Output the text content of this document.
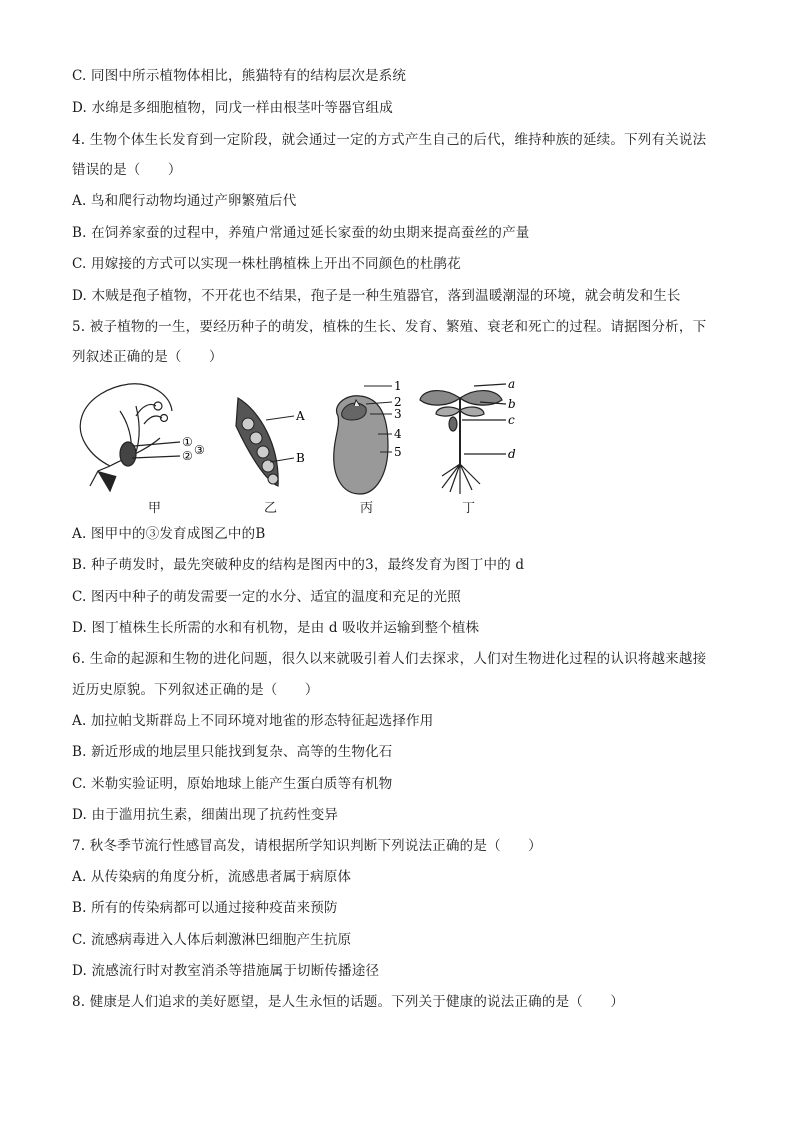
C. 同图中所示植物体相比，熊猫特有的结构层次是系统
D. 水绵是多细胞植物，同戊一样由根茎叶等器官组成
4. 生物个体生长发育到一定阶段，就会通过一定的方式产生自己的后代，维持种族的延续。下列有关说法
错误的是（　　）
A. 鸟和爬行动物均通过产卵繁殖后代
B. 在饲养家蚕的过程中，养殖户常通过延长家蚕的幼虫期来提高蚕丝的产量
C. 用嫁接的方式可以实现一株杜鹃植株上开出不同颜色的杜鹃花
D. 木贼是孢子植物，不开花也不结果，孢子是一种生殖器官，落到温暖潮湿的环境，就会萌发和生长
5. 被子植物的一生，要经历种子的萌发，植株的生长、发育、繁殖、衰老和死亡的过程。请据图分析，下
列叙述正确的是（　　）
①
② ③
A
B
1
2
3
4
5
a
b
c
d
甲	乙	丙	丁
A. 图甲中的③发育成图乙中的B
B. 种子萌发时，最先突破种皮的结构是图丙中的3，最终发育为图丁中的 d
C. 图丙中种子的萌发需要一定的水分、适宜的温度和充足的光照
D. 图丁植株生长所需的水和有机物，是由 d 吸收并运输到整个植株
6. 生命的起源和生物的进化问题，很久以来就吸引着人们去探求，人们对生物进化过程的认识将越来越接
近历史原貌。下列叙述正确的是（　　）
A. 加拉帕戈斯群岛上不同环境对地雀的形态特征起选择作用
B. 新近形成的地层里只能找到复杂、高等的生物化石
C. 米勒实验证明，原始地球上能产生蛋白质等有机物
D. 由于滥用抗生素，细菌出现了抗药性变异
7. 秋冬季节流行性感冒高发，请根据所学知识判断下列说法正确的是（　　）
A. 从传染病的角度分析，流感患者属于病原体
B. 所有的传染病都可以通过接种疫苗来预防
C. 流感病毒进入人体后刺激淋巴细胞产生抗原
D. 流感流行时对教室消杀等措施属于切断传播途径
8. 健康是人们追求的美好愿望，是人生永恒的话题。下列关于健康的说法正确的是（　　）
